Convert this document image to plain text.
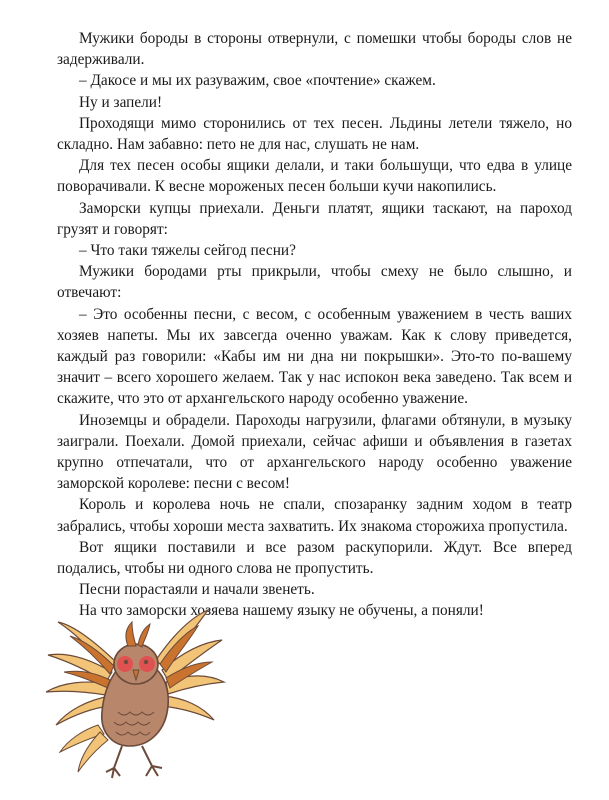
Мужики бороды в стороны отвернули, с помешки чтобы бороды слов не задерживали.

– Дакосе и мы их разуважим, свое «почтение» скажем.

Ну и запели!

Проходящи мимо сторонились от тех песен. Льдины летели тяжело, но складно. Нам забавно: пето не для нас, слушать не нам.

Для тех песен особы ящики делали, и таки большущи, что едва в улице поворачивали. К весне мороженых песен больши кучи накопились.

Заморски купцы приехали. Деньги платят, ящики таскают, на пароход грузят и говорят:

– Что таки тяжелы сейгод песни?

Мужики бородами рты прикрыли, чтобы смеху не было слышно, и отвечают:

– Это особенны песни, с весом, с особенным уважением в честь ваших хозяев напеты. Мы их завсегда оченно уважам. Как к слову приведется, каждый раз говорили: «Кабы им ни дна ни покрышки». Это-то по-вашему значит – всего хорошего желаем. Так у нас испокон века заведено. Так всем и скажите, что это от архангельского народу особенно уважение.

Иноземцы и обрадели. Пароходы нагрузили, флагами обтянули, в музыку заиграли. Поехали. Домой приехали, сейчас афиши и объявления в газетах крупно отпечатали, что от архангельского народу особенно уважение заморской королеве: песни с весом!

Король и королева ночь не спали, спозаранку задним ходом в театр забрались, чтобы хороши места захватить. Их знакома сторожиха пропустила.

Вот ящики поставили и все разом раскупорили. Ждут. Все вперед подались, чтобы ни одного слова не пропустить.

Песни порастаяли и начали звенеть.

На что заморски хозяева нашему языку не обучены, а поняли!
